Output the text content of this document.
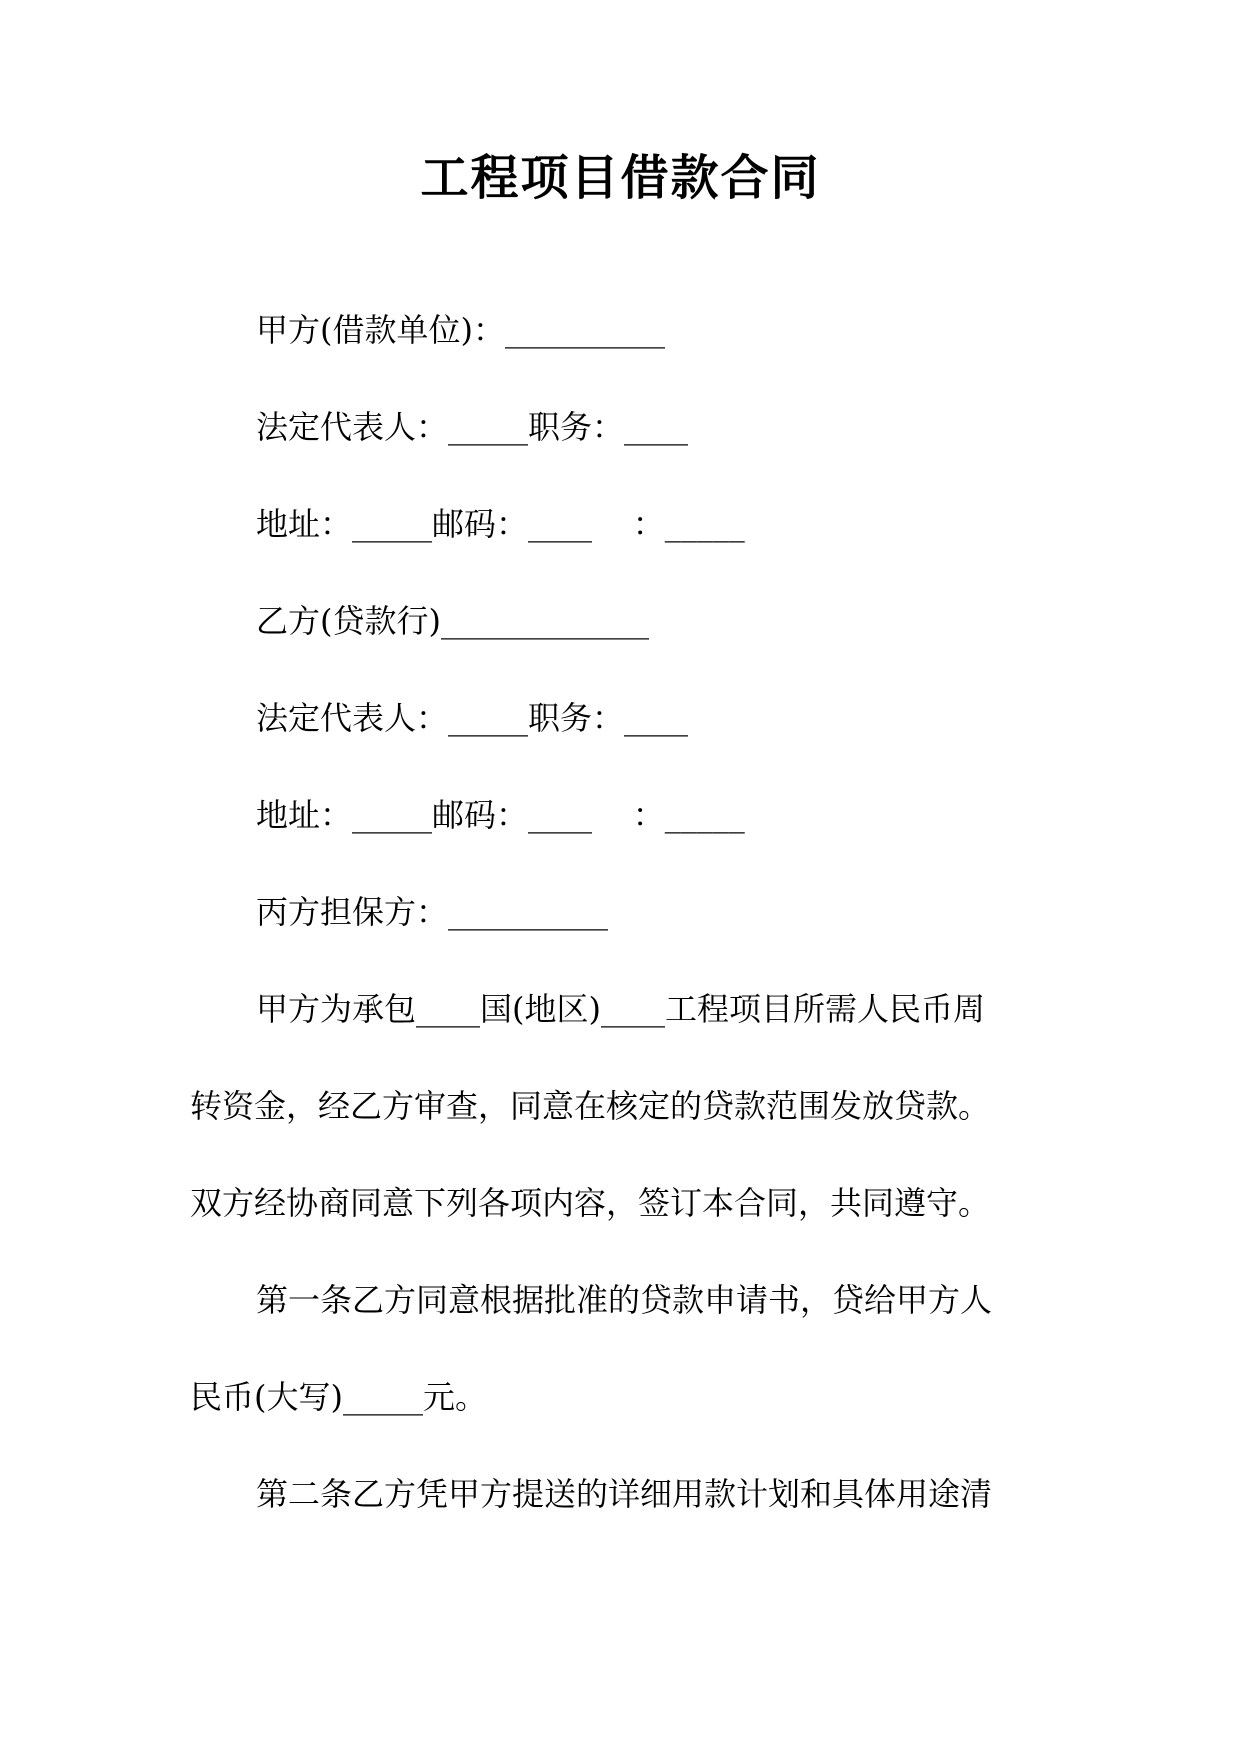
工程项目借款合同
甲方(借款单位)：__________
法定代表人：_____职务：____
地址：_____邮码：____    ：_____
乙方(贷款行)_____________
法定代表人：_____职务：____
地址：_____邮码：____    ：_____
丙方担保方：__________
甲方为承包____国(地区)____工程项目所需人民币周
转资金，经乙方审查，同意在核定的贷款范围发放贷款。
双方经协商同意下列各项内容，签订本合同，共同遵守。
第一条乙方同意根据批准的贷款申请书，贷给甲方人
民币(大写)_____元。
第二条乙方凭甲方提送的详细用款计划和具体用途清
